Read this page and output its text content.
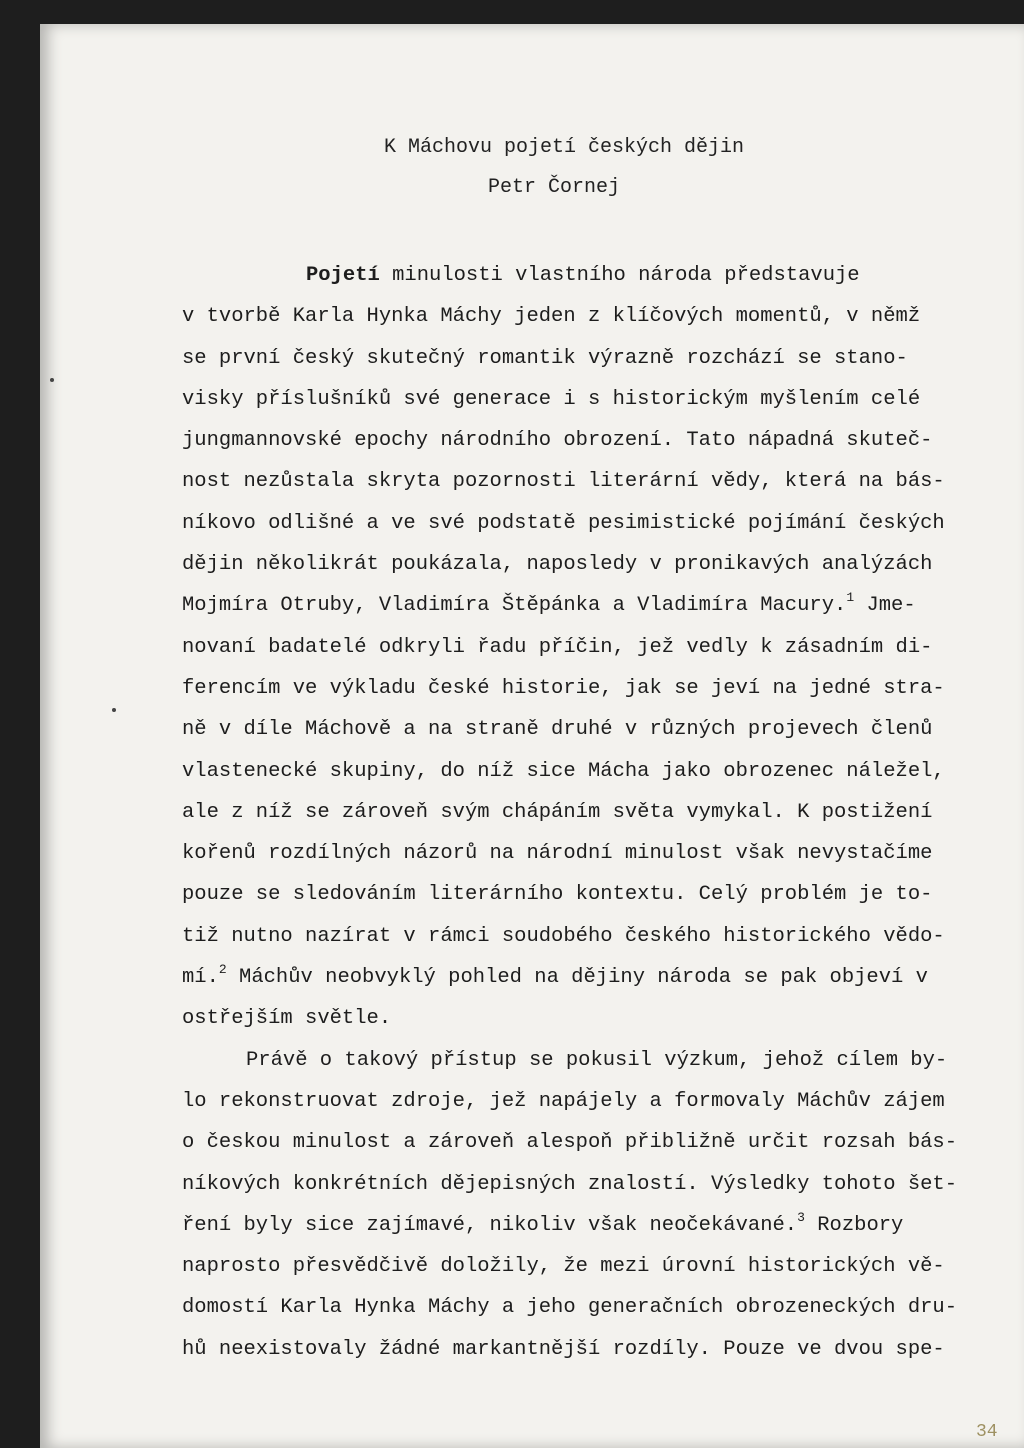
K Máchovu pojetí českých dějin
Petr Čornej
Pojetí minulosti vlastního národa představuje
v tvorbě Karla Hynka Máchy jeden z klíčových momentů, v němž
se první český skutečný romantik výrazně rozchází se stano-
visky příslušníků své generace i s historickým myšlením celé
jungmannovské epochy národního obrození. Tato nápadná skuteč-
nost nezůstala skryta pozornosti literární vědy, která na bás-
níkovo odlišné a ve své podstatě pesimistické pojímání českých
dějin několikrát poukázala, naposledy v pronikavých analýzách
Mojmíra Otruby, Vladimíra Štěpánka a Vladimíra Macury.$^1$ Jme-
novaní badatelé odkryli řadu příčin, jež vedly k zásadním di-
ferencím ve výkladu české historie, jak se jeví na jedné stra-
ně v díle Máchově a na straně druhé v různých projevech členů
vlastenecké skupiny, do níž sice Mácha jako obrozenec náležel,
ale z níž se zároveň svým chápáním světa vymykal. K postižení
kořenů rozdílných názorů na národní minulost však nevystačíme
pouze se sledováním literárního kontextu. Celý problém je to-
tiž nutno nazírat v rámci soudobého českého historického vědo-
mí.$^2$ Máchův neobvyklý pohled na dějiny národa se pak objeví v
ostřejším světle.
Právě o takový přístup se pokusil výzkum, jehož cílem by-
lo rekonstruovat zdroje, jež napájely a formovaly Máchův zájem
o českou minulost a zároveň alespoň přibližně určit rozsah bás-
níkových konkrétních dějepisných znalostí. Výsledky tohoto šet-
ření byly sice zajímavé, nikoliv však neočekávané.$^3$ Rozbory
naprosto přesvědčivě doložily, že mezi úrovní historických vě-
domostí Karla Hynka Máchy a jeho generačních obrozeneckých dru-
hů neexistovaly žádné markantnější rozdíly. Pouze ve dvou spe-
34
